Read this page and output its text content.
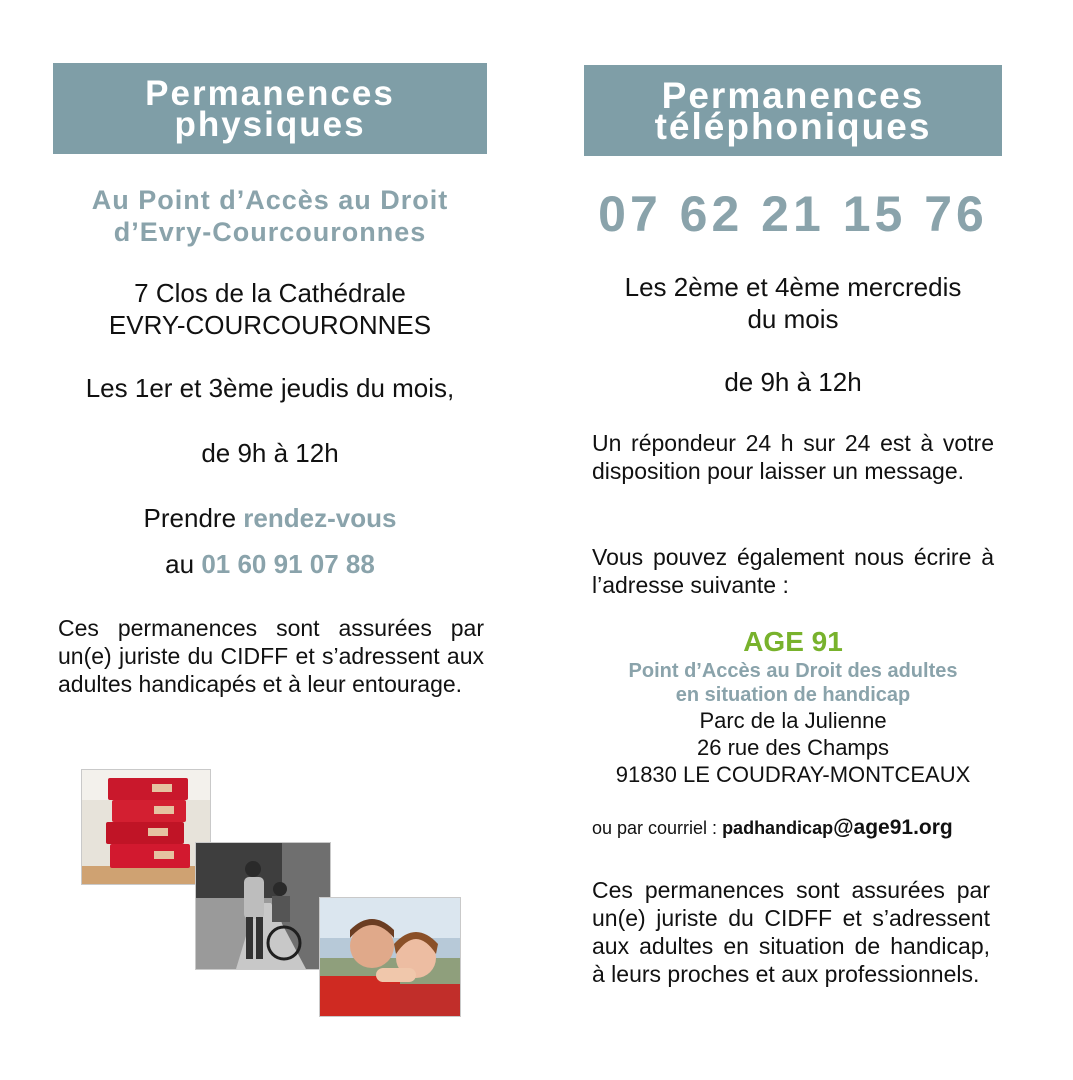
Permanences
physiques
Au Point d’Accès au Droit
d’Evry-Courcouronnes
7 Clos de la Cathédrale
EVRY-COURCOURONNES
Les 1er et 3ème jeudis du mois,
de 9h à 12h
Prendre rendez-vous
au 01 60 91 07 88
Ces permanences sont assurées par un(e) juriste du CIDFF et s’adressent aux adultes handicapés et à leur entourage.
Permanences
téléphoniques
07 62 21 15 76
Les 2ème et 4ème mercredis
du mois
de 9h à 12h
Un répondeur 24 h sur 24 est à votre disposition pour laisser un message.
Vous pouvez également nous écrire à l’adresse suivante :
AGE 91
Point d’Accès au Droit des adultes
en situation de handicap
Parc de la Julienne
26 rue des Champs
91830 LE COUDRAY-MONTCEAUX
ou par courriel : padhandicap@age91.org
Ces permanences sont assurées par un(e) juriste du CIDFF et s’adressent aux adultes en situation de handicap, à leurs proches et aux professionnels.
